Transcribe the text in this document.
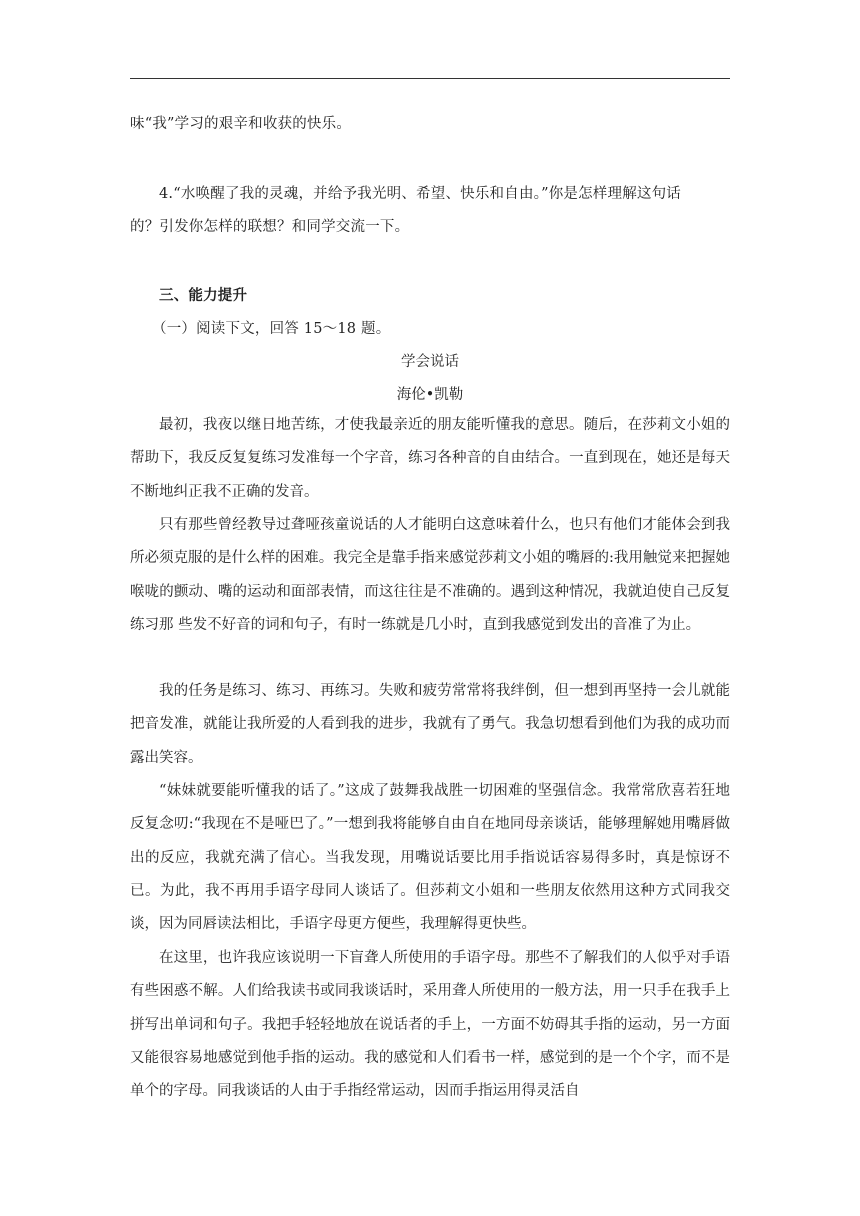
味“我”学习的艰辛和收获的快乐。
4.“水唤醒了我的灵魂，并给予我光明、希望、快乐和自由。”你是怎样理解这句话
的？引发你怎样的联想？和同学交流一下。
三、能力提升
（一）阅读下文，回答 15～18 题。
学会说话
海伦•凯勒

最初，我夜以继日地苦练，才使我最亲近的朋友能听懂我的意思。随后，在莎莉文小姐的帮助下，我反反复复练习发准每一个字音，练习各种音的自由结合。一直到现在，她还是每天不断地纠正我不正确的发音。

只有那些曾经教导过聋哑孩童说话的人才能明白这意味着什么，也只有他们才能体会到我所必须克服的是什么样的困难。我完全是靠手指来感觉莎莉文小姐的嘴唇的:我用触觉来把握她喉咙的颤动、嘴的运动和面部表情，而这往往是不准确的。遇到这种情况，我就迫使自己反复练习那 些发不好音的词和句子，有时一练就是几小时，直到我感觉到发出的音准了为止。

我的任务是练习、练习、再练习。失败和疲劳常常将我绊倒，但一想到再坚持一会儿就能把音发准，就能让我所爱的人看到我的进步，我就有了勇气。我急切想看到他们为我的成功而露出笑容。

“妹妹就要能听懂我的话了。”这成了鼓舞我战胜一切困难的坚强信念。我常常欣喜若狂地反复念叨:“我现在不是哑巴了。”一想到我将能够自由自在地同母亲谈话，能够理解她用嘴唇做出的反应，我就充满了信心。当我发现，用嘴说话要比用手指说话容易得多时，真是惊讶不已。为此，我不再用手语字母同人谈话了。但莎莉文小姐和一些朋友依然用这种方式同我交谈，因为同唇读法相比，手语字母更方便些，我理解得更快些。

在这里，也许我应该说明一下盲聋人所使用的手语字母。那些不了解我们的人似乎对手语有些困惑不解。人们给我读书或同我谈话时，采用聋人所使用的一般方法，用一只手在我手上拼写出单词和句子。我把手轻轻地放在说话者的手上，一方面不妨碍其手指的运动，另一方面又能很容易地感觉到他手指的运动。我的感觉和人们看书一样，感觉到的是一个个字，而不是单个的字母。同我谈话的人由于手指经常运动，因而手指运用得灵活自
